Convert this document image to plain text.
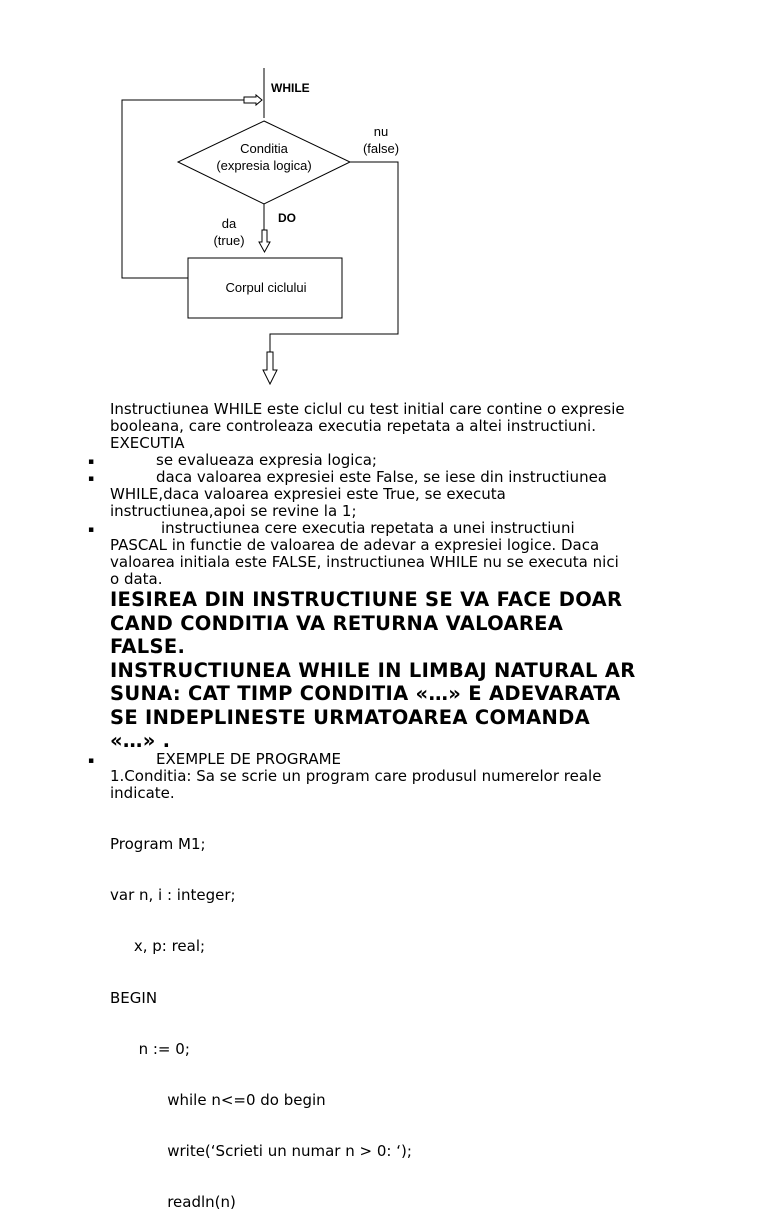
Conditia
(expresia logica)
WHILE
nu
(false)
DO
da
(true)
Corpul ciclului
Instructiunea WHILE este ciclul cu test initial care contine o expresie
booleana, care controleaza executia repetata a altei instructiuni.
EXECUTIA
▪	se evalueaza expresia logica;
▪	daca valoarea expresiei este False, se iese din instructiunea
WHILE,daca valoarea expresiei este True, se executa
instructiunea,apoi se revine la 1;
▪	instructiunea cere executia repetata a unei instructiuni
PASCAL in functie de valoarea de adevar a expresiei logice. Daca
valoarea initiala este FALSE, instructiunea WHILE nu se executa nici
o data.
IESIREA DIN INSTRUCTIUNE SE VA FACE DOAR
CAND CONDITIA VA RETURNA VALOAREA
FALSE.
INSTRUCTIUNEA WHILE IN LIMBAJ NATURAL AR
SUNA: CAT TIMP CONDITIA «…» E ADEVARATA
SE INDEPLINESTE URMATOAREA COMANDA
«…» .
▪	EXEMPLE DE PROGRAME
1.Conditia: Sa se scrie un program care produsul numerelor reale
indicate.

Program M1;

var n, i : integer;

x, p: real;

BEGIN

n := 0;

while n<=0 do begin

write(‘Scrieti un numar n > 0: ‘);

readln(n)
